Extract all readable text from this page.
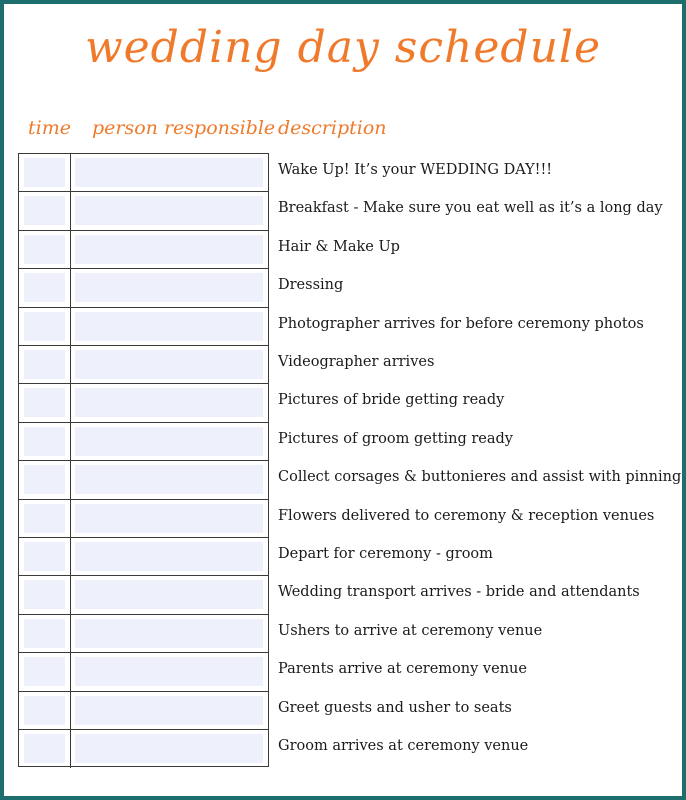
wedding day schedule
time person responsible description
Wake Up! It’s your WEDDING DAY!!!
Breakfast - Make sure you eat well as it’s a long day
Hair & Make Up
Dressing
Photographer arrives for before ceremony photos
Videographer arrives
Pictures of bride getting ready
Pictures of groom getting ready
Collect corsages & buttonieres and assist with pinning
Flowers delivered to ceremony & reception venues
Depart for ceremony - groom
Wedding transport arrives - bride and attendants
Ushers to arrive at ceremony venue
Parents arrive at ceremony venue
Greet guests and usher to seats
Groom arrives at ceremony venue
